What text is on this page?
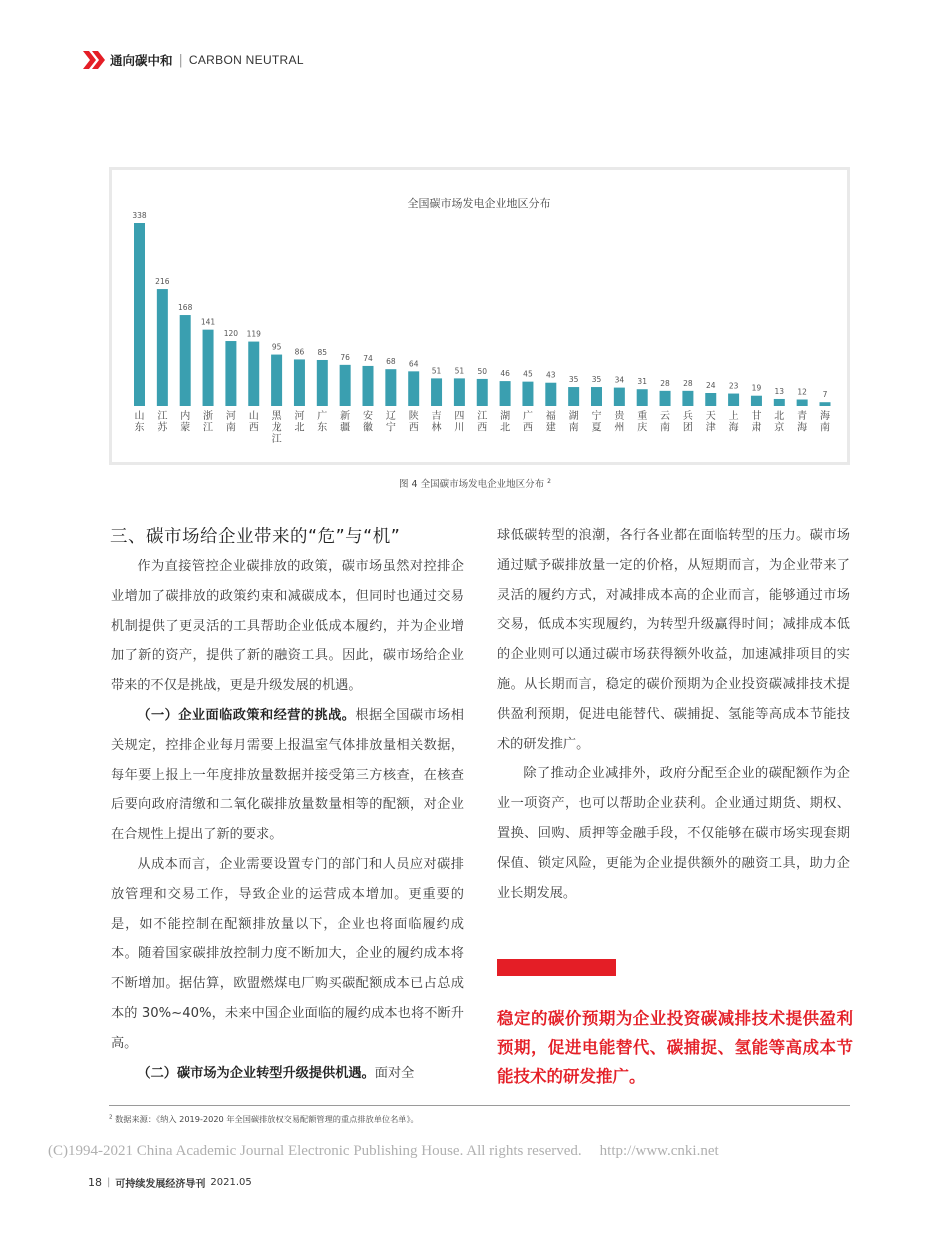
通向碳中和 | CARBON NEUTRAL
全国碳市场发电企业地区分布
338
山东
216
江苏
168
内蒙
141
浙江
120
河南
119
山西
95
黑龙江
86
河北
85
广东
76
新疆
74
安徽
68
辽宁
64
陕西
51
吉林
51
四川
50
江西
46
湖北
45
广西
43
福建
35
湖南
35
宁夏
34
贵州
31
重庆
28
云南
28
兵团
24
天津
23
上海
19
甘肃
13
北京
12
青海
7
海南
图 4 全国碳市场发电企业地区分布 $^2$
三、碳市场给企业带来的“危”与“机”

作为直接管控企业碳排放的政策，碳市场虽然对控排企业增加了碳排放的政策约束和减碳成本，但同时也通过交易机制提供了更灵活的工具帮助企业低成本履约，并为企业增加了新的资产，提供了新的融资工具。因此，碳市场给企业带来的不仅是挑战，更是升级发展的机遇。

（一）企业面临政策和经营的挑战。根据全国碳市场相关规定，控排企业每月需要上报温室气体排放量相关数据，每年要上报上一年度排放量数据并接受第三方核查，在核查后要向政府清缴和二氧化碳排放量数量相等的配额，对企业在合规性上提出了新的要求。

从成本而言，企业需要设置专门的部门和人员应对碳排放管理和交易工作，导致企业的运营成本增加。更重要的是，如不能控制在配额排放量以下，企业也将面临履约成本。随着国家碳排放控制力度不断加大，企业的履约成本将不断增加。据估算，欧盟燃煤电厂购买碳配额成本已占总成本的 30%~40%，未来中国企业面临的履约成本也将不断升高。

（二）碳市场为企业转型升级提供机遇。面对全

球低碳转型的浪潮，各行各业都在面临转型的压力。碳市场通过赋予碳排放量一定的价格，从短期而言，为企业带来了灵活的履约方式，对减排成本高的企业而言，能够通过市场交易，低成本实现履约，为转型升级赢得时间；减排成本低的企业则可以通过碳市场获得额外收益，加速减排项目的实施。从长期而言，稳定的碳价预期为企业投资碳减排技术提供盈利预期，促进电能替代、碳捕捉、氢能等高成本节能技术的研发推广。

除了推动企业减排外，政府分配至企业的碳配额作为企业一项资产，也可以帮助企业获利。企业通过期货、期权、置换、回购、质押等金融手段，不仅能够在碳市场实现套期保值、锁定风险，更能为企业提供额外的融资工具，助力企业长期发展。

稳定的碳价预期为企业投资碳减排技术提供盈利预期，促进电能替代、碳捕捉、氢能等高成本节能技术的研发推广。
$^2$ 数据来源：《纳入 2019-2020 年全国碳排放权交易配额管理的重点排放单位名单》。
(C)1994-2021 China Academic Journal Electronic Publishing House. All rights reserved. http://www.cnki.net
18 | 可持续发展经济导刊 2021.05
